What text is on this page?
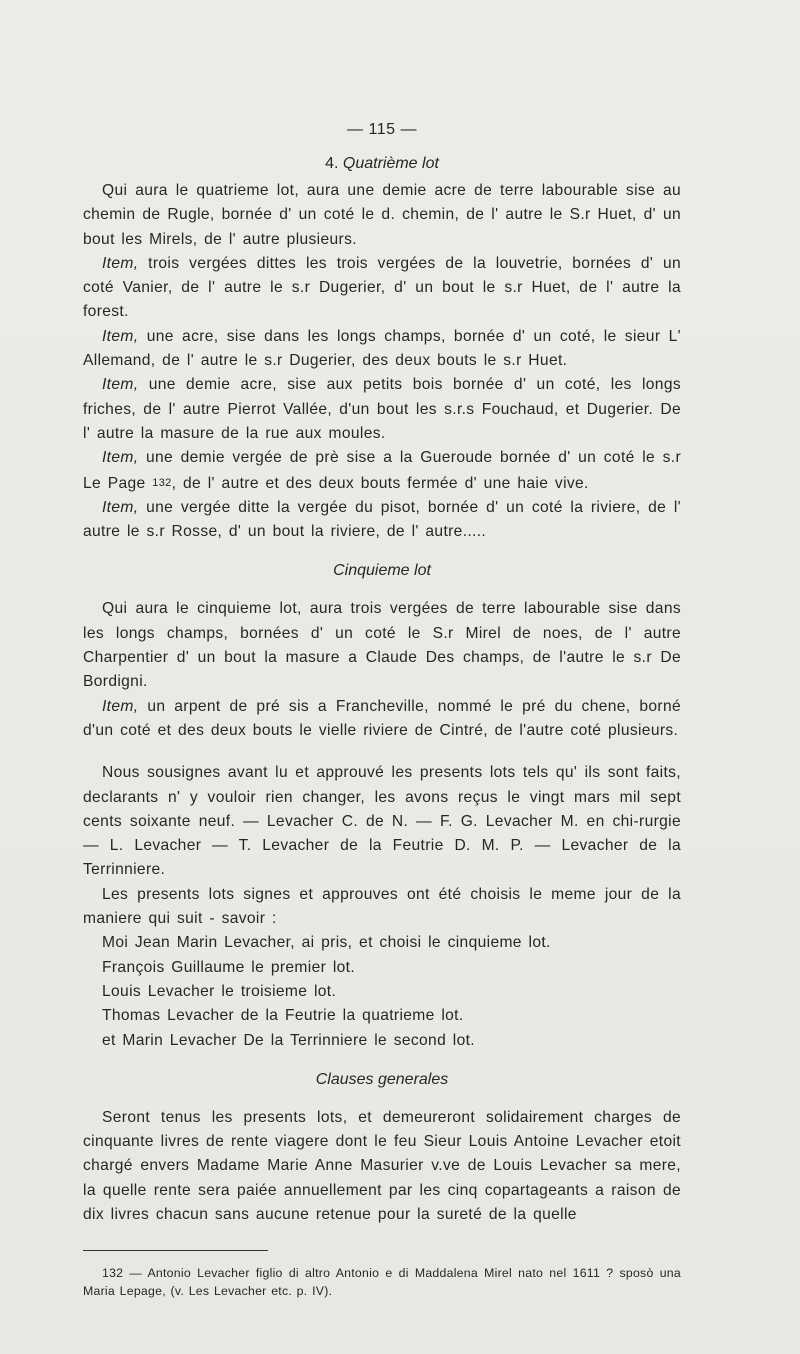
— 115 —
4. Quatrième lot

Qui aura le quatrieme lot, aura une demie acre de terre labourable sise au chemin de Rugle, bornée d' un coté le d. chemin, de l' autre le S.r Huet, d' un bout les Mirels, de l' autre plusieurs.

Item, trois vergées dittes les trois vergées de la louvetrie, bornées d' un coté Vanier, de l' autre le s.r Dugerier, d' un bout le s.r Huet, de l' autre la forest.

Item, une acre, sise dans les longs champs, bornée d' un coté, le sieur L' Allemand, de l' autre le s.r Dugerier, des deux bouts le s.r Huet.

Item, une demie acre, sise aux petits bois bornée d' un coté, les longs friches, de l' autre Pierrot Vallée, d'un bout les s.r.s Fouchaud, et Dugerier. De l' autre la masure de la rue aux moules.

Item, une demie vergée de prè sise a la Gueroude bornée d' un coté le s.r Le Page 132, de l' autre et des deux bouts fermée d' une haie vive.

Item, une vergée ditte la vergée du pisot, bornée d' un coté la riviere, de l' autre le s.r Rosse, d' un bout la riviere, de l' autre.....

Cinquieme lot

Qui aura le cinquieme lot, aura trois vergées de terre labourable sise dans les longs champs, bornées d' un coté le S.r Mirel de noes, de l' autre Charpentier d' un bout la masure a Claude Des champs, de l'autre le s.r De Bordigni.

Item, un arpent de pré sis a Francheville, nommé le pré du chene, borné d'un coté et des deux bouts le vielle riviere de Cintré, de l'autre coté plusieurs.

Nous sousignes avant lu et approuvé les presents lots tels qu' ils sont faits, declarants n' y vouloir rien changer, les avons reçus le vingt mars mil sept cents soixante neuf. — Levacher C. de N. — F. G. Levacher M. en chi-rurgie — L. Levacher — T. Levacher de la Feutrie D. M. P. — Levacher de la Terrinniere.

Les presents lots signes et approuves ont été choisis le meme jour de la maniere qui suit - savoir :

Moi Jean Marin Levacher, ai pris, et choisi le cinquieme lot.

François Guillaume le premier lot.

Louis Levacher le troisieme lot.

Thomas Levacher de la Feutrie la quatrieme lot.

et Marin Levacher De la Terrinniere le second lot.

Clauses generales

Seront tenus les presents lots, et demeureront solidairement charges de cinquante livres de rente viagere dont le feu Sieur Louis Antoine Levacher etoit chargé envers Madame Marie Anne Masurier v.ve de Louis Levacher sa mere, la quelle rente sera paiée annuellement par les cinq copartageants a raison de dix livres chacun sans aucune retenue pour la sureté de la quelle

132 — Antonio Levacher figlio di altro Antonio e di Maddalena Mirel nato nel 1611 ? sposò una Maria Lepage, (v. Les Levacher etc. p. IV).
